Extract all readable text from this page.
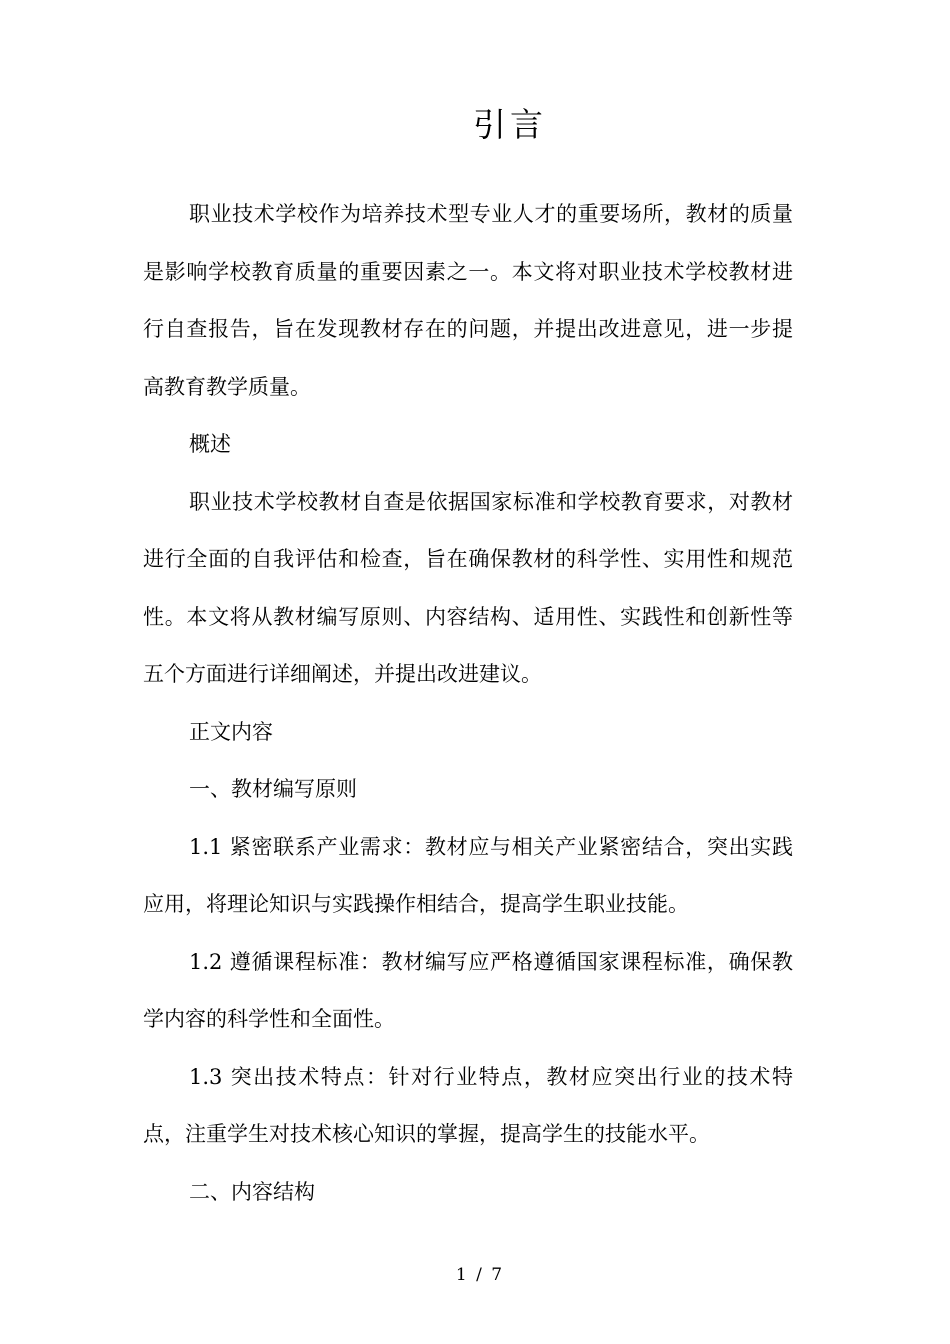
引言

职业技术学校作为培养技术型专业人才的重要场所，教材的质量是影响学校教育质量的重要因素之一。本文将对职业技术学校教材进行自查报告，旨在发现教材存在的问题，并提出改进意见，进一步提高教育教学质量。

概述

职业技术学校教材自查是依据国家标准和学校教育要求，对教材进行全面的自我评估和检查，旨在确保教材的科学性、实用性和规范性。本文将从教材编写原则、内容结构、适用性、实践性和创新性等五个方面进行详细阐述，并提出改进建议。

正文内容

一、教材编写原则

1.1 紧密联系产业需求：教材应与相关产业紧密结合，突出实践应用，将理论知识与实践操作相结合，提高学生职业技能。

1.2 遵循课程标准：教材编写应严格遵循国家课程标准，确保教学内容的科学性和全面性。

1.3 突出技术特点：针对行业特点，教材应突出行业的技术特点，注重学生对技术核心知识的掌握，提高学生的技能水平。

二、内容结构

1 / 7
